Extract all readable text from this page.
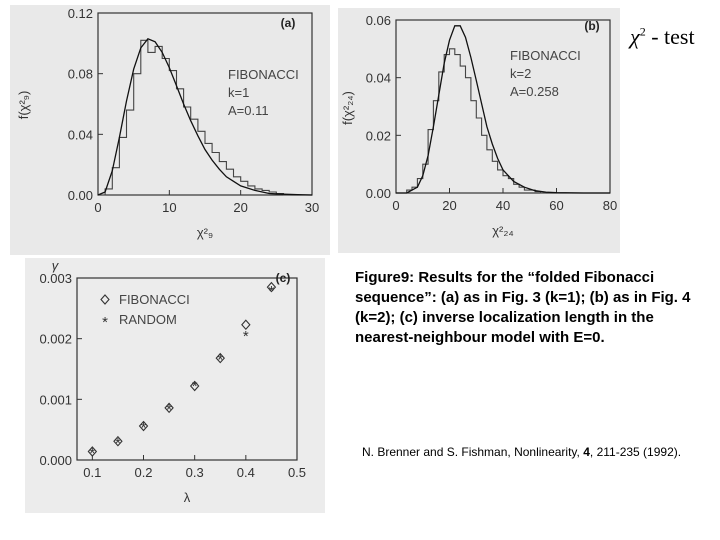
0	10	20	30
0.00
0.04
0.08
0.12
(a)
χ²₉
f(χ²₉)
FIBONACCI
k=1
A=0.11
0	20	40	60	80
0.00
0.02
0.04
0.06	(b)
χ²₂₄
f(χ²₂₄)
FIBONACCI
k=2
A=0.258
0.1	0.2	0.3	0.4	0.5
0.000
0.001
0.002
0.003	(c)
λ
γ
*
*
*
*
*
*
*
*
FIBONACCI
* RANDOM
$\chi^2$ - test
Figure9: Results for the “folded Fibonacci sequence”: (a) as in Fig. 3 (k=1); (b) as in Fig. 4 (k=2); (c) inverse localization length in the nearest-neighbour model with E=0.
N. Brenner and S. Fishman, Nonlinearity, 4, 211-235 (1992).
